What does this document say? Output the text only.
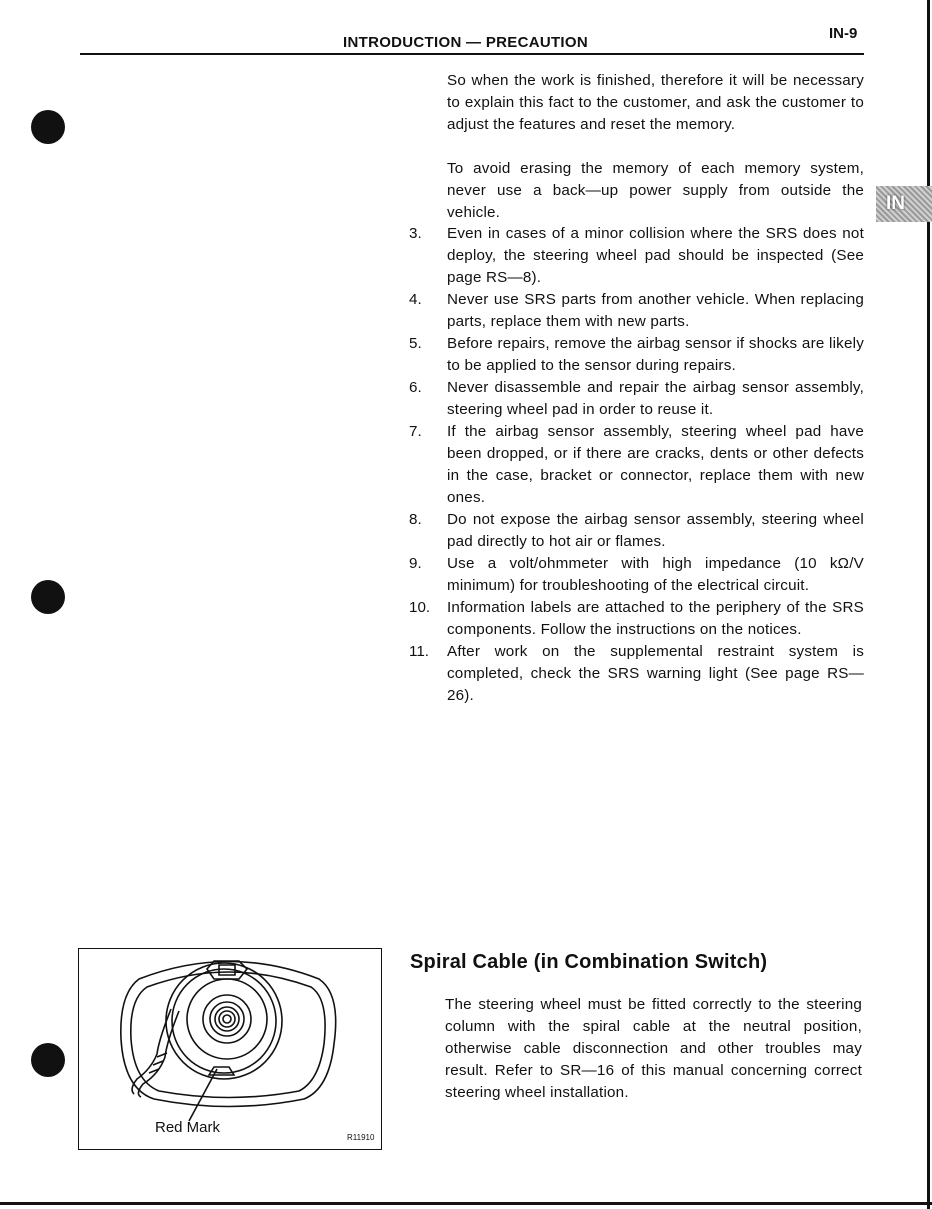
INTRODUCTION — PRECAUTION
IN-9
IN
So when the work is finished, therefore it will be necessary to explain this fact to the customer, and ask the customer to adjust the features and reset the memory.
To avoid erasing the memory of each memory system, never use a back—up power supply from outside the vehicle.
3.	Even in cases of a minor collision where the SRS does not deploy, the steering wheel pad should be inspected (See page RS—8).
4.	Never use SRS parts from another vehicle. When replacing parts, replace them with new parts.
5.	Before repairs, remove the airbag sensor if shocks are likely to be applied to the sensor during repairs.
6.	Never disassemble and repair the airbag sensor assembly, steering wheel pad in order to reuse it.
7.	If the airbag sensor assembly, steering wheel pad have been dropped, or if there are cracks, dents or other defects in the case, bracket or connector, replace them with new ones.
8.	Do not expose the airbag sensor assembly, steering wheel pad directly to hot air or flames.
9.	Use a volt/ohmmeter with high impedance (10 kΩ/V minimum) for troubleshooting of the electrical circuit.
10.	Information labels are attached to the periphery of the SRS components. Follow the instructions on the notices.
11.	After work on the supplemental restraint system is completed, check the SRS warning light (See page RS—26).
Red Mark
R11910
Spiral Cable (in Combination Switch)
The steering wheel must be fitted correctly to the steering column with the spiral cable at the neutral position, otherwise cable disconnection and other troubles may result. Refer to SR—16 of this manual concerning correct steering wheel installation.
